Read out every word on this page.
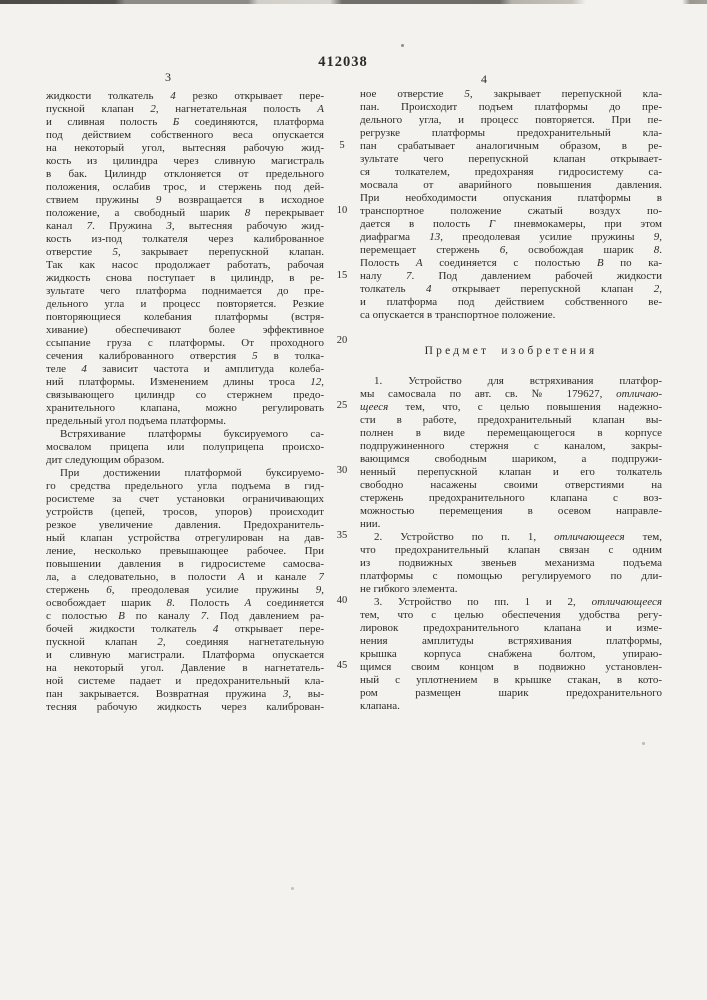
412038
3	4
жидкости толкатель 4 резко открывает пере-
пускной клапан 2, нагнетательная полость А
и сливная полость Б соединяются, платформа
под действием собственного веса опускается
на некоторый угол, вытесняя рабочую жид-
кость из цилиндра через сливную магистраль
в бак. Цилиндр отклоняется от предельного
положения, ослабив трос, и стержень под дей-
ствием пружины 9 возвращается в исходное
положение, а свободный шарик 8 перекрывает
канал 7. Пружина 3, вытесняя рабочую жид-
кость из-под толкателя через калиброванное
отверстие 5, закрывает перепускной клапан.
Так как насос продолжает работать, рабочая
жидкость снова поступает в цилиндр, в ре-
зультате чего платформа поднимается до пре-
дельного угла и процесс повторяется. Резкие
повторяющиеся колебания платформы (встря-
хивание) обеспечивают более эффективное
ссыпание груза с платформы. От проходного
сечения калиброванного отверстия 5 в толка-
теле 4 зависит частота и амплитуда колеба-
ний платформы. Изменением длины троса 12,
связывающего цилиндр со стержнем предо-
хранительного клапана, можно регулировать
предельный угол подъема платформы.
Встряхивание платформы буксируемого са-
мосвалом прицепа или полуприцепа происхо-
дит следующим образом.
При достижении платформой буксируемо-
го средства предельного угла подъема в гид-
росистеме за счет установки ограничивающих
устройств (цепей, тросов, упоров) происходит
резкое увеличение давления. Предохранитель-
ный клапан устройства отрегулирован на дав-
ление, несколько превышающее рабочее. При
повышении давления в гидросистеме самосва-
ла, а следовательно, в полости А и канале 7
стержень 6, преодолевая усилие пружины 9,
освобождает шарик 8. Полость А соединяется
с полостью В по каналу 7. Под давлением ра-
бочей жидкости толкатель 4 открывает пере-
пускной клапан 2, соединяя нагнетательную
и сливную магистрали. Платформа опускается
на некоторый угол. Давление в нагнетатель-
ной системе падает и предохранительный кла-
пан закрывается. Возвратная пружина 3, вы-
тесняя рабочую жидкость через калиброван-
5
10
15
20
25
30
35
40
45
ное отверстие 5, закрывает перепускной кла-
пан. Происходит подъем платформы до пре-
дельного угла, и процесс повторяется. При пе-
регрузке платформы предохранительный кла-
пан срабатывает аналогичным образом, в ре-
зультате чего перепускной клапан открывает-
ся толкателем, предохраняя гидросистему са-
мосвала от аварийного повышения давления.
При необходимости опускания платформы в
транспортное положение сжатый воздух по-
дается в полость Г пневмокамеры, при этом
диафрагма 13, преодолевая усилие пружины 9,
перемещает стержень 6, освобождая шарик 8.
Полость А соединяется с полостью В по ка-
налу 7. Под давлением рабочей жидкости
толкатель 4 открывает перепускной клапан 2,
и платформа под действием собственного ве-
са опускается в транспортное положение.
Предмет изобретения
1. Устройство для встряхивания платфор-
мы самосвала по авт. св. № 179627, отличаю-
щееся тем, что, с целью повышения надежно-
сти в работе, предохранительный клапан вы-
полнен в виде перемещающегося в корпусе
подпружиненного стержня с каналом, закры-
вающимся свободным шариком, а подпружи-
ненный перепускной клапан и его толкатель
свободно насажены своими отверстиями на
стержень предохранительного клапана с воз-
можностью перемещения в осевом направле-
нии.
2. Устройство по п. 1, отличающееся тем,
что предохранительный клапан связан с одним
из подвижных звеньев механизма подъема
платформы с помощью регулируемого по дли-
не гибкого элемента.
3. Устройство по пп. 1 и 2, отличающееся
тем, что с целью обеспечения удобства регу-
лировок предохранительного клапана и изме-
нения амплитуды встряхивания платформы,
крышка корпуса снабжена болтом, упираю-
щимся своим концом в подвижно установлен-
ный с уплотнением в крышке стакан, в кото-
ром размещен шарик предохранительного
клапана.
